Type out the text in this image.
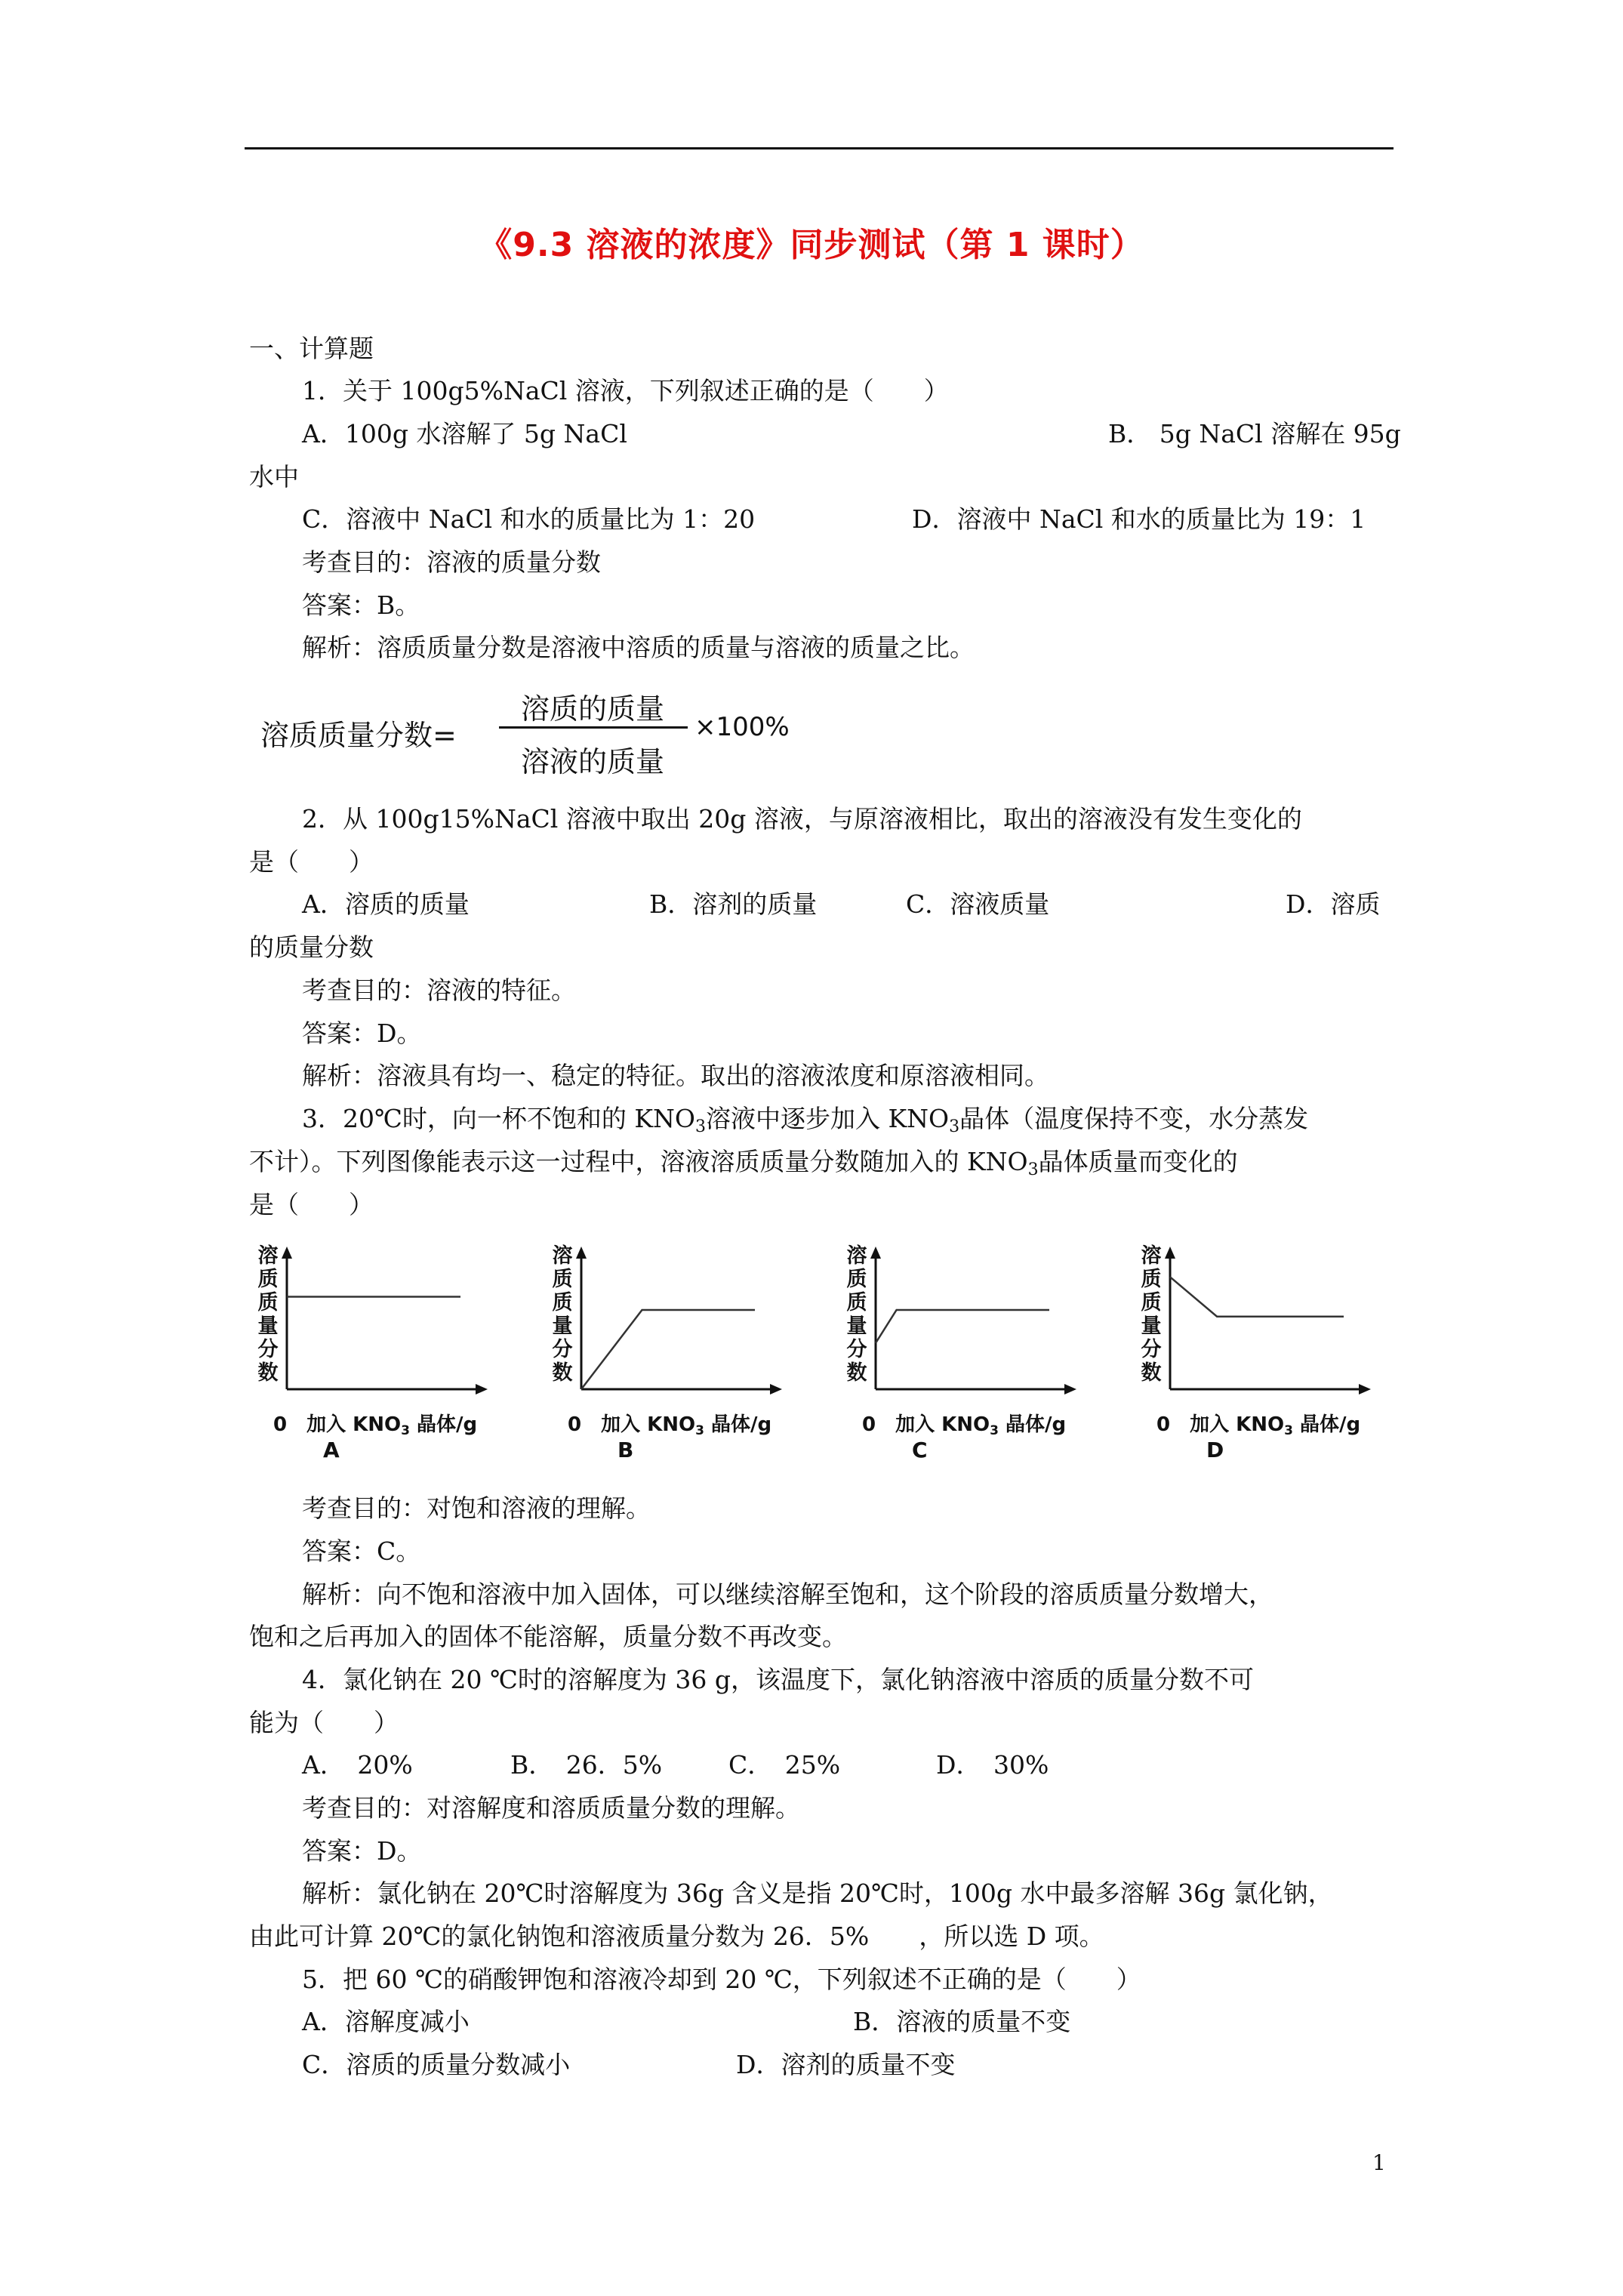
《9.3 溶液的浓度》同步测试（第 1 课时）
一、计算题
1．关于 100g5%NaCl 溶液，下列叙述正确的是（　　）
A．100g 水溶解了 5g NaCl	B． 5g NaCl 溶解在 95g
水中
C．溶液中 NaCl 和水的质量比为 1：20	D．溶液中 NaCl 和水的质量比为 19：1
考查目的：溶液的质量分数
答案：B。
解析：溶质质量分数是溶液中溶质的质量与溶液的质量之比。
溶质质量分数=
溶质的质量
溶液的质量
×100%
2．从 100g15%NaCl 溶液中取出 20g 溶液，与原溶液相比，取出的溶液没有发生变化的
是（　　）
A．溶质的质量	B．溶剂的质量	C．溶液质量	D．溶质
的质量分数
考查目的：溶液的特征。
答案：D。
解析：溶液具有均一、稳定的特征。取出的溶液浓度和原溶液相同。
3．20℃时，向一杯不饱和的 $KNO_3$溶液中逐步加入 $KNO_3$晶体（温度保持不变，水分蒸发
不计）。下列图像能表示这一过程中，溶液溶质质量分数随加入的 $KNO_3$晶体质量而变化的
是（　　）
溶
质
质
量
分
数
0　加入 $KNO_3$ 晶体/g
A
溶
质
质
量
分
数
0　加入 $KNO_3$ 晶体/g
B
溶
质
质
量
分
数
0　加入 $KNO_3$ 晶体/g
C
溶
质
质
量
分
数
0　加入 $KNO_3$ 晶体/g
D
考查目的：对饱和溶液的理解。
答案：C。
解析：向不饱和溶液中加入固体，可以继续溶解至饱和，这个阶段的溶质质量分数增大，
饱和之后再加入的固体不能溶解，质量分数不再改变。
4．氯化钠在 20 ℃时的溶解度为 36 g，该温度下，氯化钠溶液中溶质的质量分数不可
能为（　　）
A．　20%	B．　26．5%	C．　25%	D．　30%
考查目的：对溶解度和溶质质量分数的理解。
答案：D。
解析：氯化钠在 20℃时溶解度为 36g 含义是指 20℃时，100g 水中最多溶解 36g 氯化钠，
由此可计算 20℃的氯化钠饱和溶液质量分数为 26．5%　　，所以选 D 项。
5．把 60 ℃的硝酸钾饱和溶液冷却到 20 ℃，下列叙述不正确的是（　　）
A．溶解度减小	B．溶液的质量不变
C．溶质的质量分数减小	D．溶剂的质量不变
1
